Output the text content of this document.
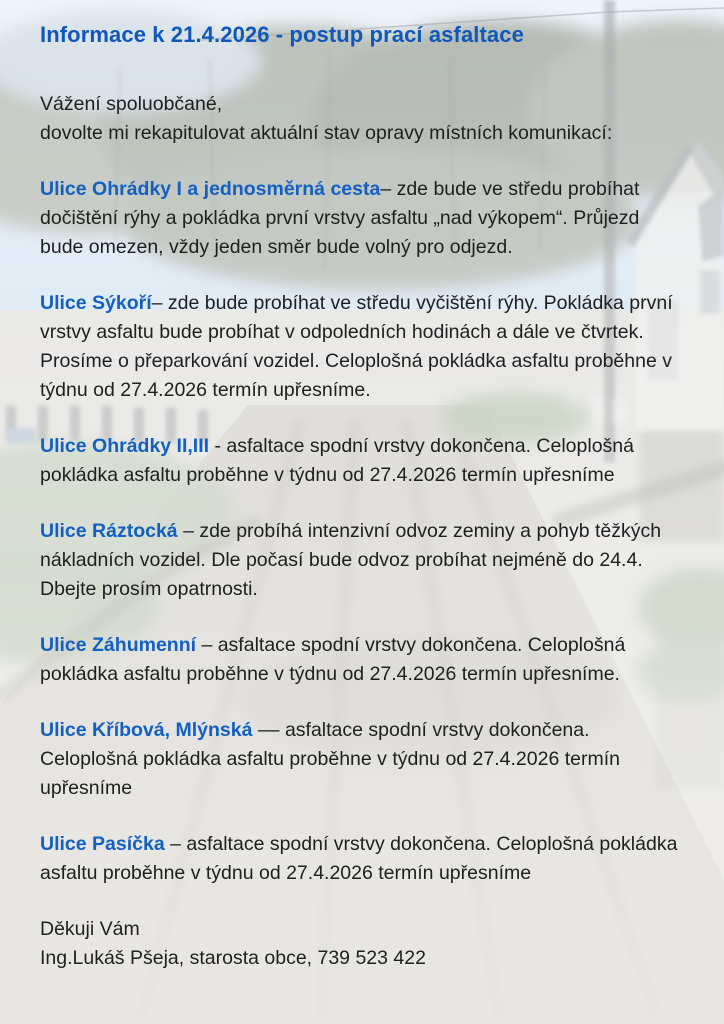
Informace k 21.4.2026 - postup prací asfaltace

Vážení spoluobčané,
dovolte mi rekapitulovat aktuální stav opravy místních komunikací:

Ulice Ohrádky I a jednosměrná cesta– zde bude ve středu probíhat dočištění rýhy a pokládka první vrstvy asfaltu „nad výkopem“. Průjezd bude omezen, vždy jeden směr bude volný pro odjezd.

Ulice Sýkoří– zde bude probíhat ve středu vyčištění rýhy. Pokládka první vrstvy asfaltu bude probíhat v odpoledních hodinách a dále ve čtvrtek. Prosíme o přeparkování vozidel. Celoplošná pokládka asfaltu proběhne v týdnu od 27.4.2026 termín upřesníme.

Ulice Ohrádky II,III - asfaltace spodní vrstvy dokončena. Celoplošná pokládka asfaltu proběhne v týdnu od 27.4.2026 termín upřesníme

Ulice Ráztocká – zde probíhá intenzivní odvoz zeminy a pohyb těžkých nákladních vozidel. Dle počasí bude odvoz probíhat nejméně do 24.4. Dbejte prosím opatrnosti.

Ulice Záhumenní – asfaltace spodní vrstvy dokončena. Celoplošná pokládka asfaltu proběhne v týdnu od 27.4.2026 termín upřesníme.

Ulice Kříbová, Mlýnská –– asfaltace spodní vrstvy dokončena. Celoplošná pokládka asfaltu proběhne v týdnu od 27.4.2026 termín upřesníme

Ulice Pasíčka – asfaltace spodní vrstvy dokončena. Celoplošná pokládka asfaltu proběhne v týdnu od 27.4.2026 termín upřesníme

Děkuji Vám
Ing.Lukáš Pšeja, starosta obce, 739 523 422
